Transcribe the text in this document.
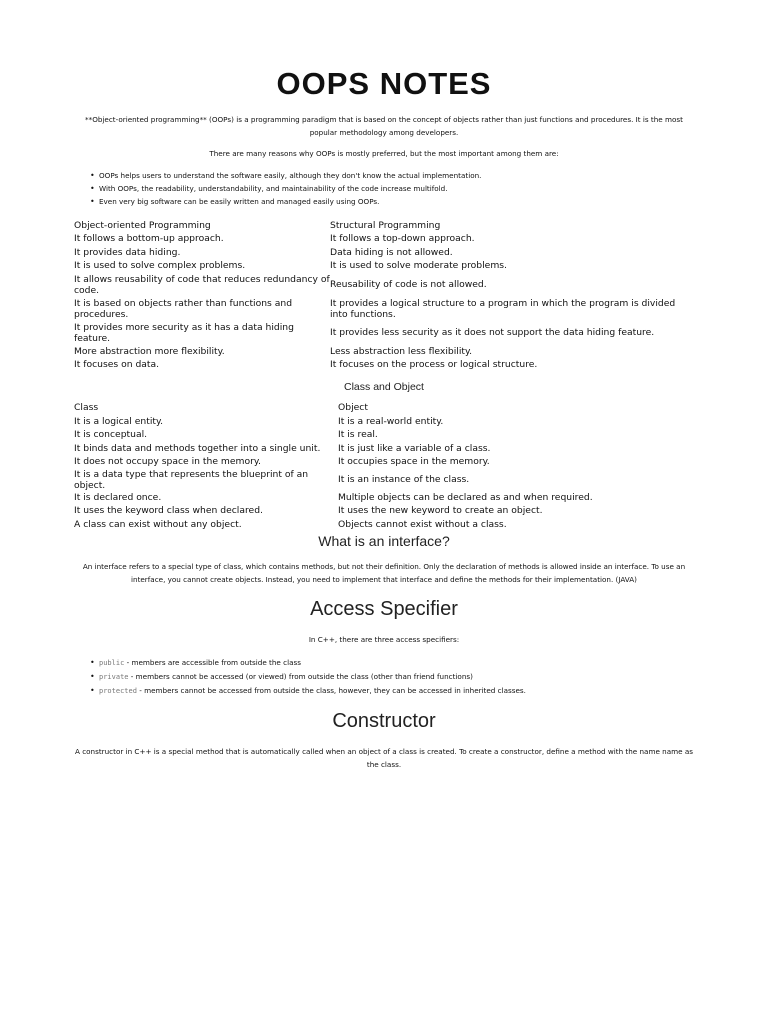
OOPS NOTES
**Object-oriented programming** (OOPs) is a programming paradigm that is based on the concept of objects rather than just functions and procedures. It is the most popular methodology among developers.
There are many reasons why OOPs is mostly preferred, but the most important among them are:
• OOPs helps users to understand the software easily, although they don't know the actual implementation.
• With OOPs, the readability, understandability, and maintainability of the code increase multifold.
• Even very big software can be easily written and managed easily using OOPs.
Object-oriented Programming	Structural Programming
It follows a bottom-up approach.	It follows a top-down approach.
It provides data hiding.	Data hiding is not allowed.
It is used to solve complex problems.	It is used to solve moderate problems.
It allows reusability of code that reduces redundancy of code.	Reusability of code is not allowed.
It is based on objects rather than functions and procedures.	It provides a logical structure to a program in which the program is divided into functions.
It provides more security as it has a data hiding feature.	It provides less security as it does not support the data hiding feature.
More abstraction more flexibility.	Less abstraction less flexibility.
It focuses on data.	It focuses on the process or logical structure.
Class and Object
Class	Object
It is a logical entity.	It is a real-world entity.
It is conceptual.	It is real.
It binds data and methods together into a single unit.	It is just like a variable of a class.
It does not occupy space in the memory.	It occupies space in the memory.
It is a data type that represents the blueprint of an object.	It is an instance of the class.
It is declared once.	Multiple objects can be declared as and when required.
It uses the keyword class when declared.	It uses the new keyword to create an object.
A class can exist without any object.	Objects cannot exist without a class.
What is an interface?
An interface refers to a special type of class, which contains methods, but not their definition. Only the declaration of methods is allowed inside an interface. To use an interface, you cannot create objects. Instead, you need to implement that interface and define the methods for their implementation. (JAVA)
Access Specifier
In C++, there are three access specifiers:
• public - members are accessible from outside the class
• private - members cannot be accessed (or viewed) from outside the class (other than friend functions)
• protected - members cannot be accessed from outside the class, however, they can be accessed in inherited classes.
Constructor
A constructor in C++ is a special method that is automatically called when an object of a class is created. To create a constructor, define a method with the name name as the class.
